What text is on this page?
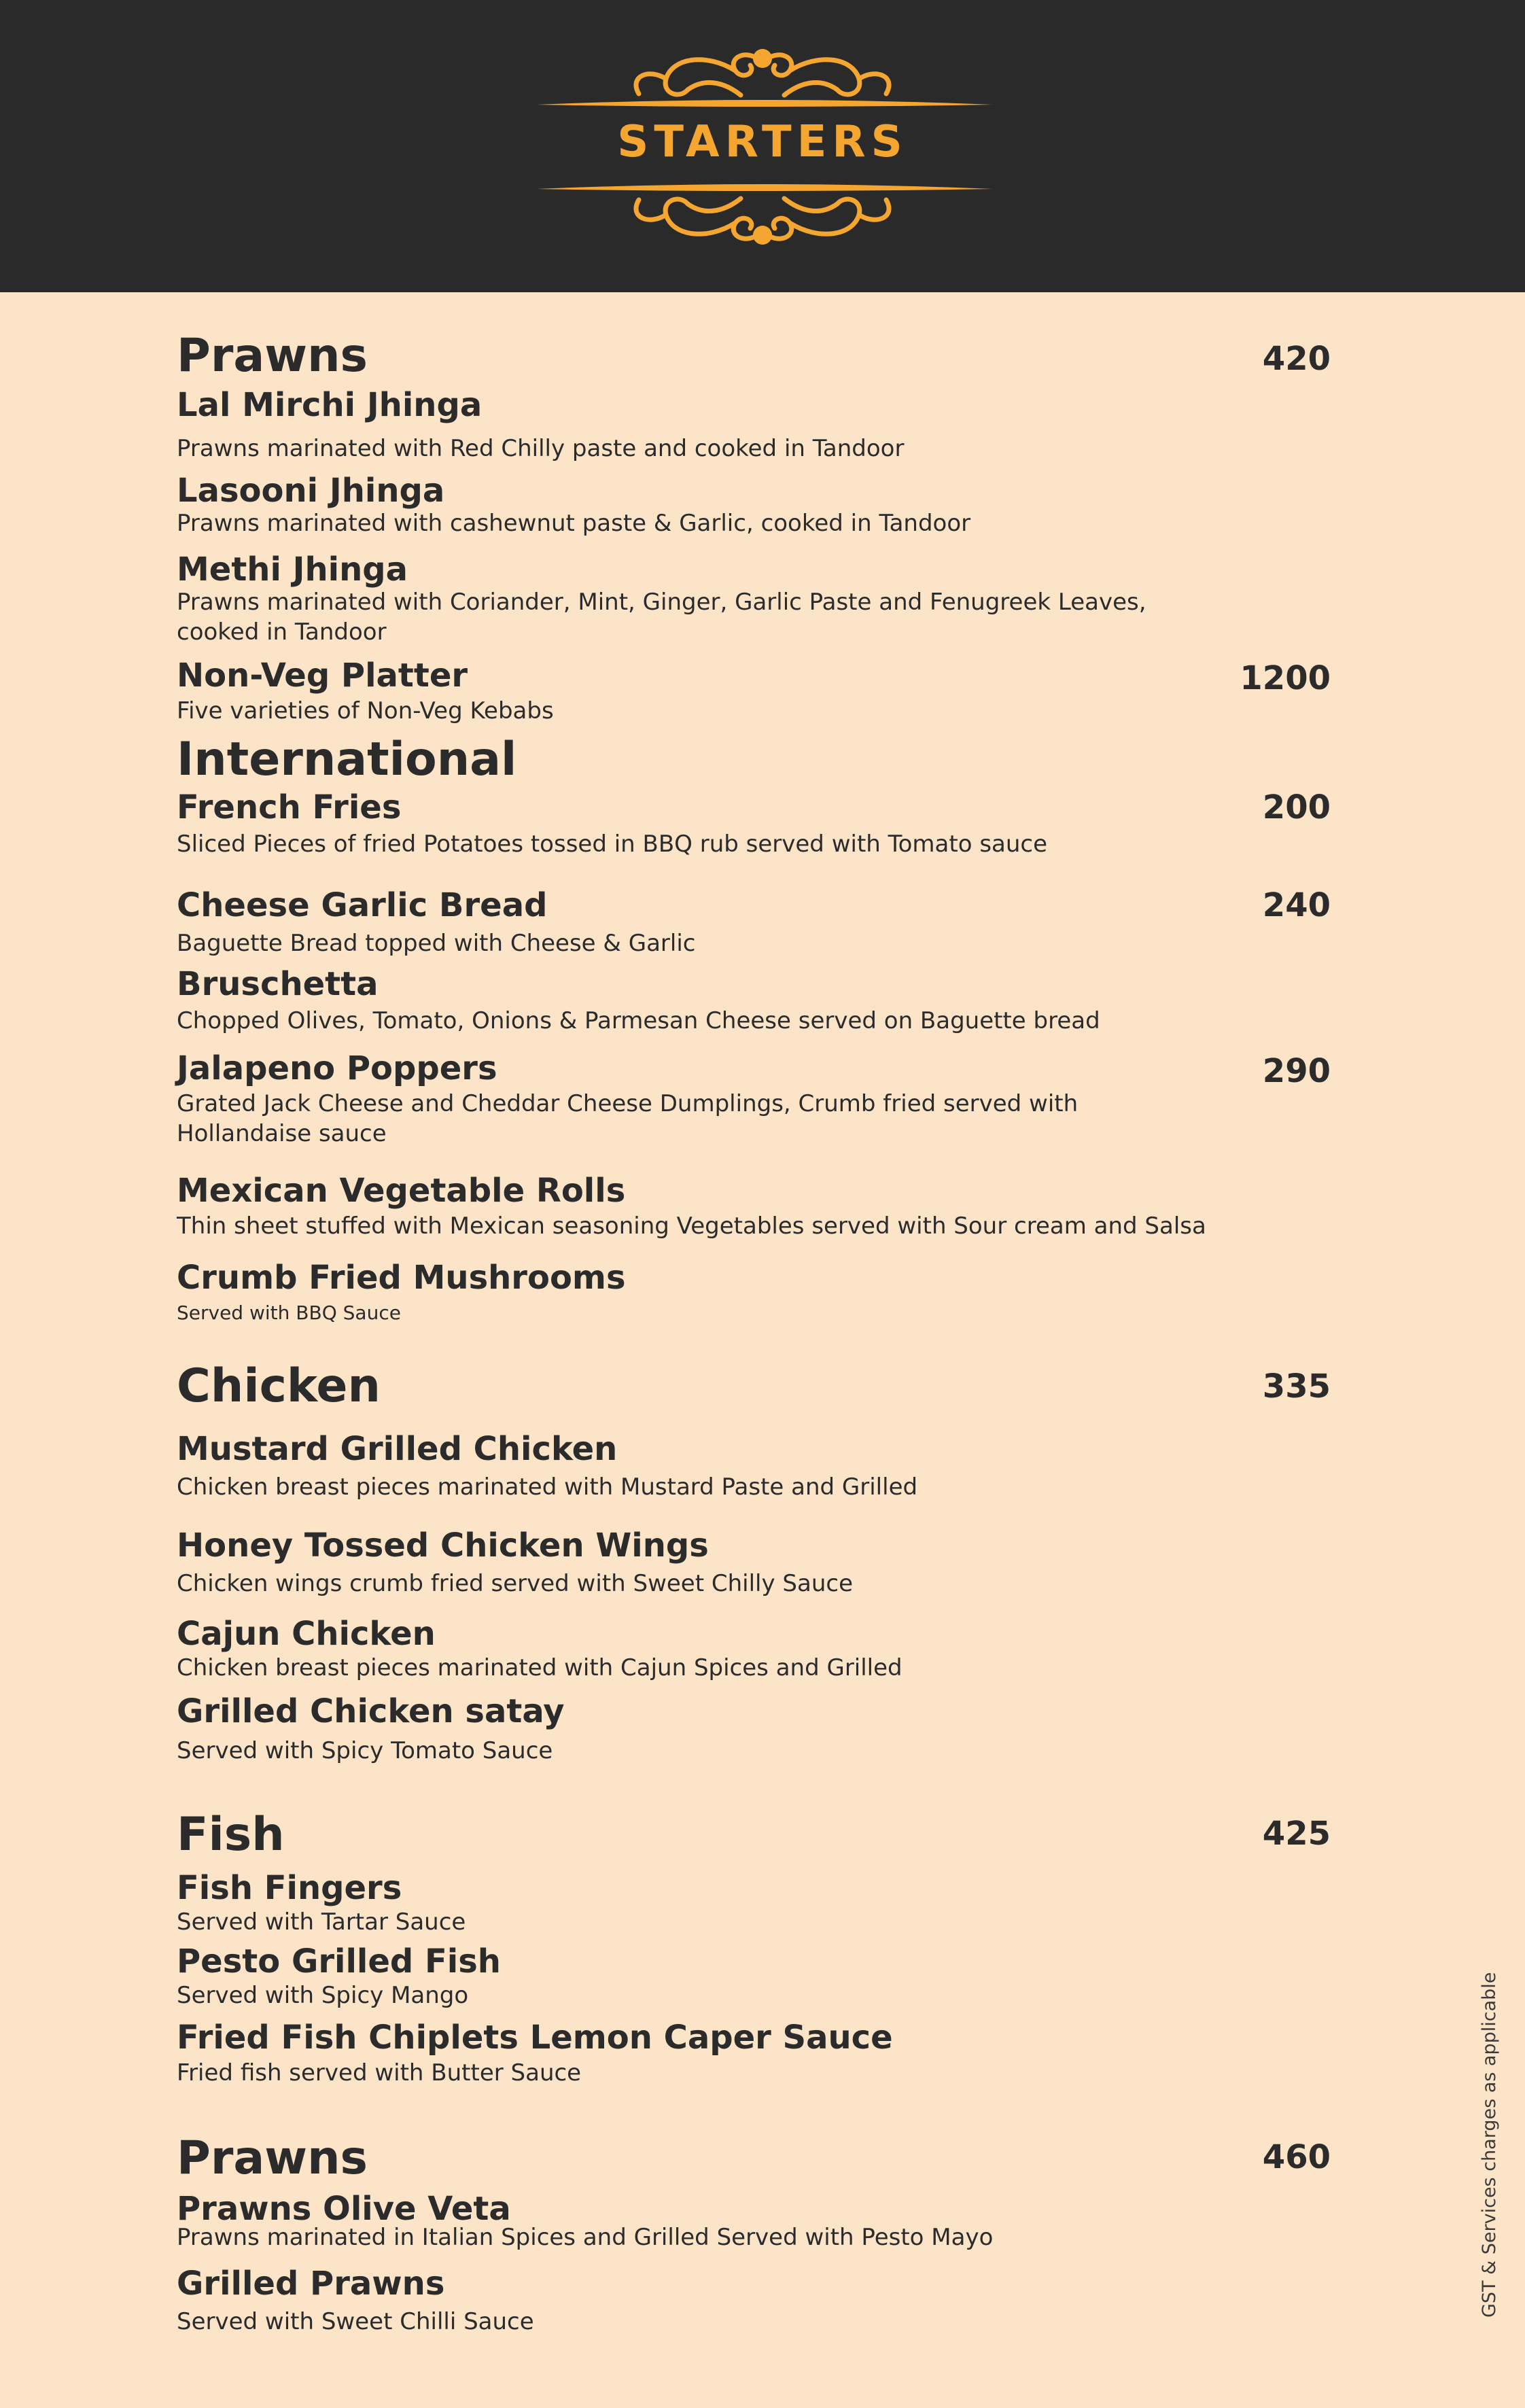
STARTERS
Prawns	420
Lal Mirchi Jhinga
Prawns marinated with Red Chilly paste and cooked in Tandoor
Lasooni Jhinga
Prawns marinated with cashewnut paste & Garlic, cooked in Tandoor
Methi Jhinga
Prawns marinated with Coriander, Mint, Ginger, Garlic Paste and Fenugreek Leaves,
cooked in Tandoor
Non-Veg Platter	1200
Five varieties of Non-Veg Kebabs
International
French Fries	200
Sliced Pieces of fried Potatoes tossed in BBQ rub served with Tomato sauce
Cheese Garlic Bread	240
Baguette Bread topped with Cheese & Garlic
Bruschetta
Chopped Olives, Tomato, Onions & Parmesan Cheese served on Baguette bread
Jalapeno Poppers	290
Grated Jack Cheese and Cheddar Cheese Dumplings, Crumb fried served with
Hollandaise sauce
Mexican Vegetable Rolls
Thin sheet stuffed with Mexican seasoning Vegetables served with Sour cream and Salsa
Crumb Fried Mushrooms
Served with BBQ Sauce
Chicken	335
Mustard Grilled Chicken
Chicken breast pieces marinated with Mustard Paste and Grilled
Honey Tossed Chicken Wings
Chicken wings crumb fried served with Sweet Chilly Sauce
Cajun Chicken
Chicken breast pieces marinated with Cajun Spices and Grilled
Grilled Chicken satay
Served with Spicy Tomato Sauce
Fish	425
Fish Fingers
Served with Tartar Sauce
Pesto Grilled Fish
Served with Spicy Mango
Fried Fish Chiplets Lemon Caper Sauce
Fried fish served with Butter Sauce
Prawns	460
Prawns Olive Veta
Prawns marinated in Italian Spices and Grilled Served with Pesto Mayo
Grilled Prawns
Served with Sweet Chilli Sauce
GST & Services charges as applicable
